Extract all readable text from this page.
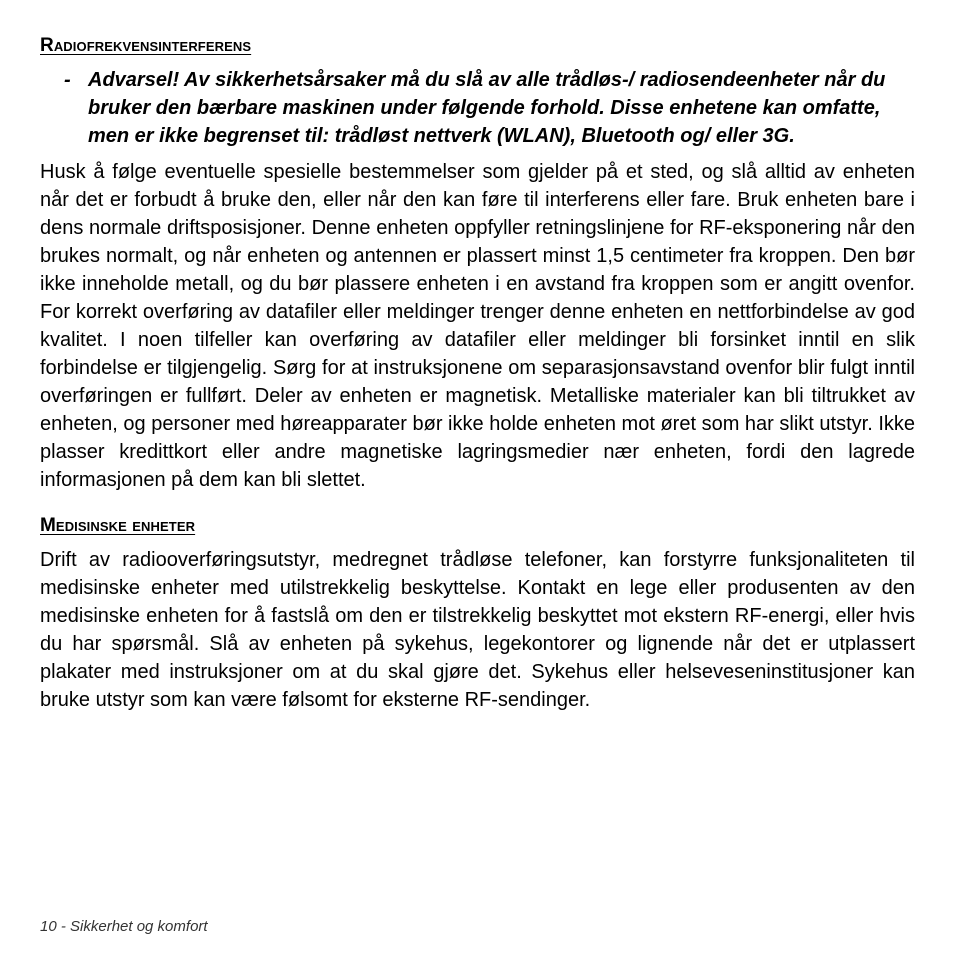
Radiofrekvensinterferens
- Advarsel! Av sikkerhetsårsaker må du slå av alle trådløs-/ radiosendeenheter når du bruker den bærbare maskinen under følgende forhold. Disse enhetene kan omfatte, men er ikke begrenset til: trådløst nettverk (WLAN), Bluetooth og/ eller 3G.

Husk å følge eventuelle spesielle bestemmelser som gjelder på et sted, og slå alltid av enheten når det er forbudt å bruke den, eller når den kan føre til interferens eller fare. Bruk enheten bare i dens normale driftsposisjoner. Denne enheten oppfyller retningslinjene for RF-eksponering når den brukes normalt, og når enheten og antennen er plassert minst 1,5 centimeter fra kroppen. Den bør ikke inneholde metall, og du bør plassere enheten i en avstand fra kroppen som er angitt ovenfor. For korrekt overføring av datafiler eller meldinger trenger denne enheten en nettforbindelse av god kvalitet. I noen tilfeller kan overføring av datafiler eller meldinger bli forsinket inntil en slik forbindelse er tilgjengelig. Sørg for at instruksjonene om separasjonsavstand ovenfor blir fulgt inntil overføringen er fullført. Deler av enheten er magnetisk. Metalliske materialer kan bli tiltrukket av enheten, og personer med høreapparater bør ikke holde enheten mot øret som har slikt utstyr. Ikke plasser kredittkort eller andre magnetiske lagringsmedier nær enheten, fordi den lagrede informasjonen på dem kan bli slettet.

Medisinske enheter

Drift av radiooverføringsutstyr, medregnet trådløse telefoner, kan forstyrre funksjonaliteten til medisinske enheter med utilstrekkelig beskyttelse. Kontakt en lege eller produsenten av den medisinske enheten for å fastslå om den er tilstrekkelig beskyttet mot ekstern RF-energi, eller hvis du har spørsmål. Slå av enheten på sykehus, legekontorer og lignende når det er utplassert plakater med instruksjoner om at du skal gjøre det. Sykehus eller helseveseninstitusjoner kan bruke utstyr som kan være følsomt for eksterne RF-sendinger.

10 - Sikkerhet og komfort
